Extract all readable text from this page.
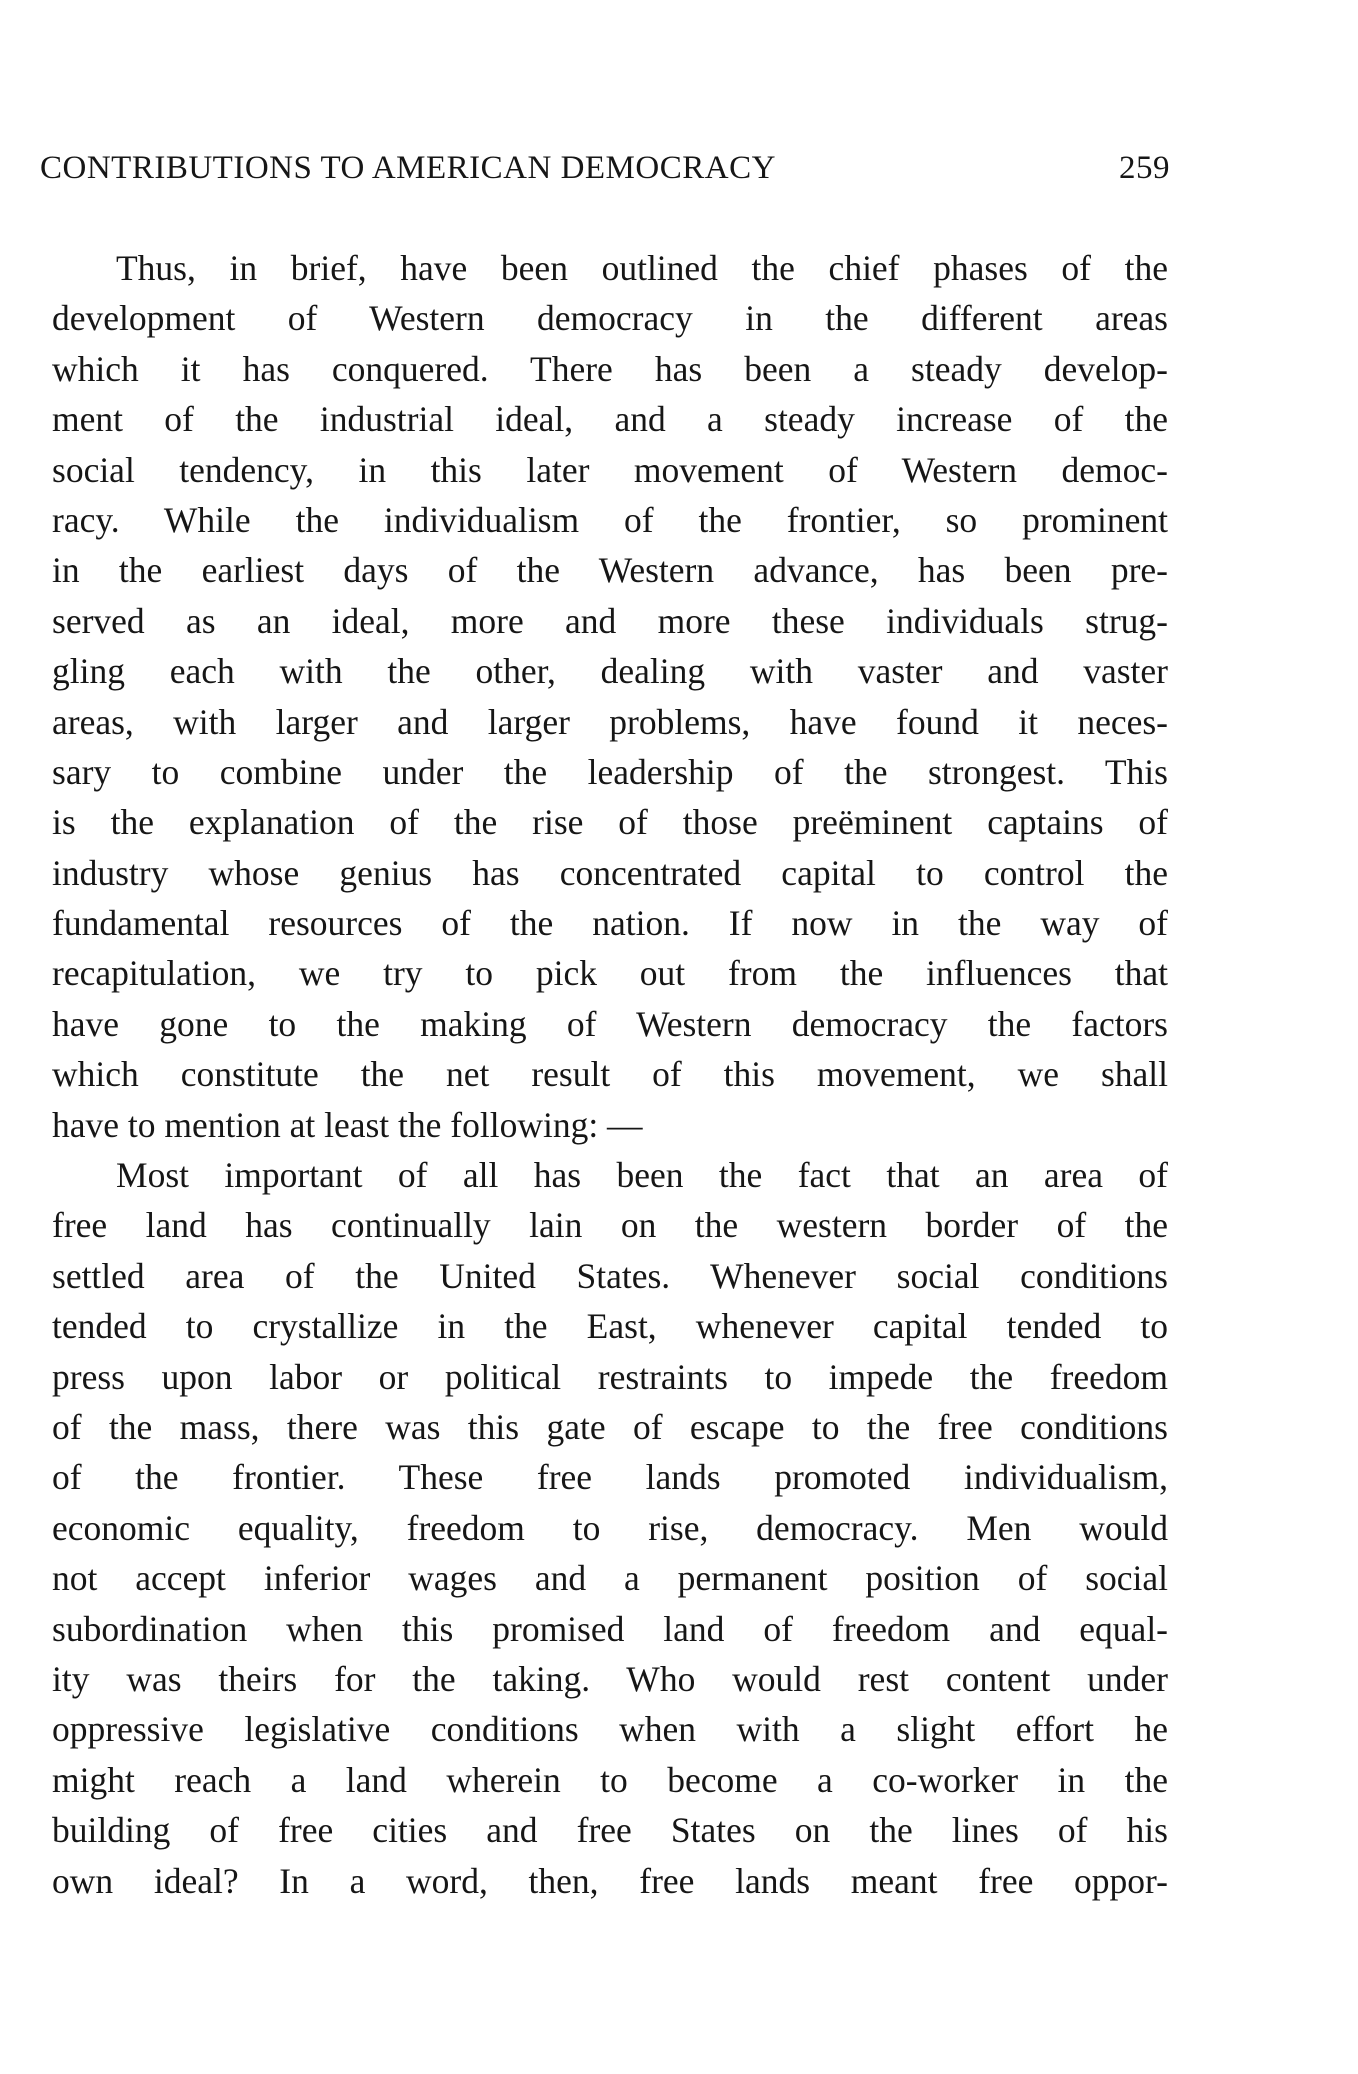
CONTRIBUTIONS TO AMERICAN DEMOCRACY	259
Thus, in brief, have been outlined the chief phases of the
development of Western democracy in the different areas
which it has conquered. There has been a steady develop-
ment of the industrial ideal, and a steady increase of the
social tendency, in this later movement of Western democ-
racy. While the individualism of the frontier, so prominent
in the earliest days of the Western advance, has been pre-
served as an ideal, more and more these individuals strug-
gling each with the other, dealing with vaster and vaster
areas, with larger and larger problems, have found it neces-
sary to combine under the leadership of the strongest. This
is the explanation of the rise of those preëminent captains of
industry whose genius has concentrated capital to control the
fundamental resources of the nation. If now in the way of
recapitulation, we try to pick out from the influences that
have gone to the making of Western democracy the factors
which constitute the net result of this movement, we shall
have to mention at least the following: —
Most important of all has been the fact that an area of
free land has continually lain on the western border of the
settled area of the United States. Whenever social conditions
tended to crystallize in the East, whenever capital tended to
press upon labor or political restraints to impede the freedom
of the mass, there was this gate of escape to the free conditions
of the frontier. These free lands promoted individualism,
economic equality, freedom to rise, democracy. Men would
not accept inferior wages and a permanent position of social
subordination when this promised land of freedom and equal-
ity was theirs for the taking. Who would rest content under
oppressive legislative conditions when with a slight effort he
might reach a land wherein to become a co-worker in the
building of free cities and free States on the lines of his
own ideal? In a word, then, free lands meant free oppor-
